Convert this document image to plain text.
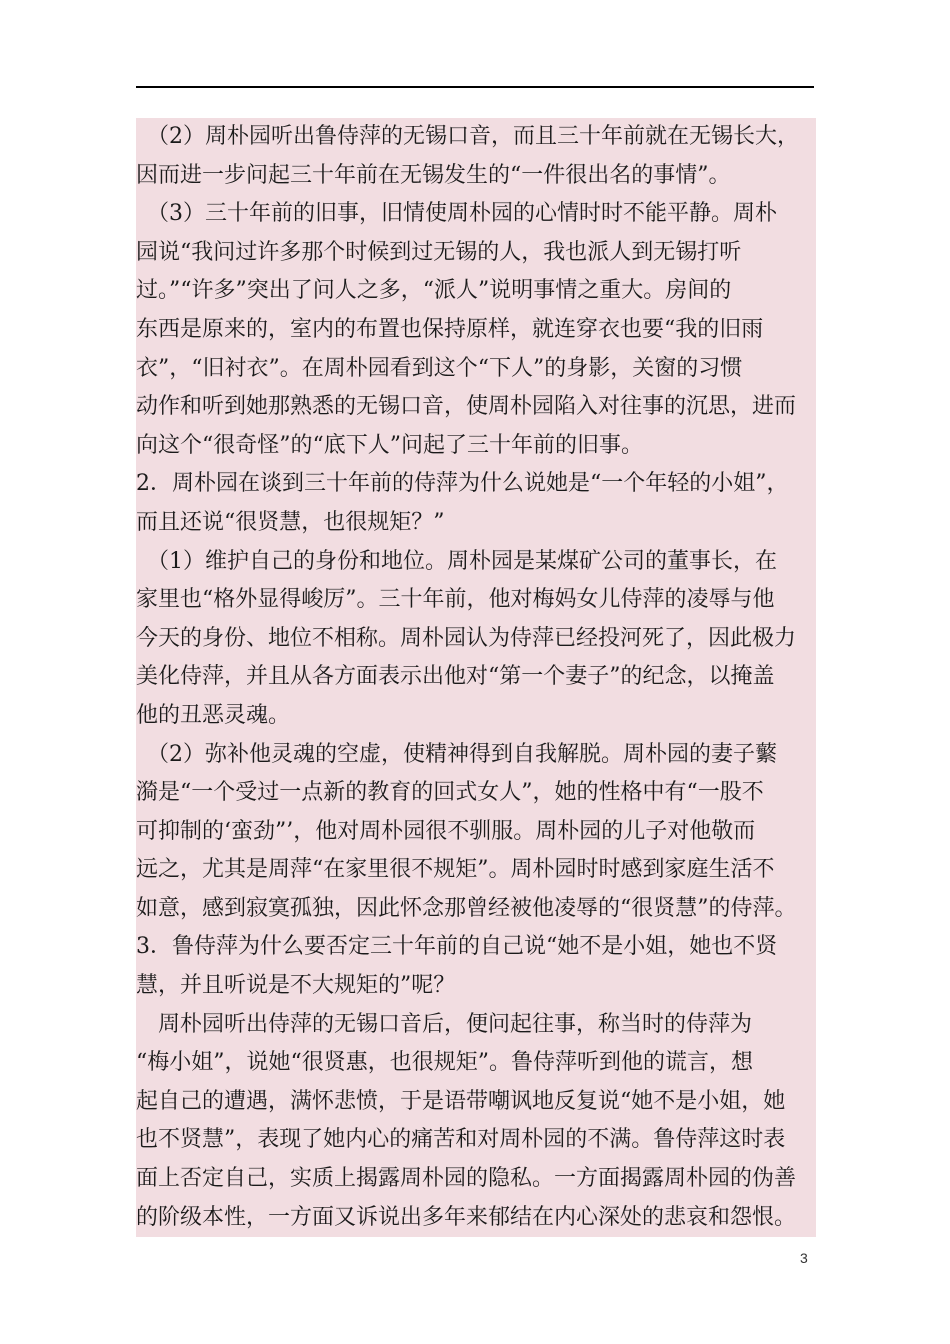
　（2）周朴园听出鲁侍萍的无锡口音，而且三十年前就在无锡长大，
因而进一步问起三十年前在无锡发生的“一件很出名的事情”。
　（3）三十年前的旧事，旧情使周朴园的心情时时不能平静。周朴
园说“我问过许多那个时候到过无锡的人，我也派人到无锡打听
过。”“许多”突出了问人之多，“派人”说明事情之重大。房间的
东西是原来的，室内的布置也保持原样，就连穿衣也要“我的旧雨
衣”，“旧衬衣”。在周朴园看到这个“下人”的身影，关窗的习惯
动作和听到她那熟悉的无锡口音，使周朴园陷入对往事的沉思，进而
向这个“很奇怪”的“底下人”问起了三十年前的旧事。
2．周朴园在谈到三十年前的侍萍为什么说她是“一个年轻的小姐”，
而且还说“很贤慧，也很规矩？”
　（1）维护自己的身份和地位。周朴园是某煤矿公司的董事长，在
家里也“格外显得峻厉”。三十年前，他对梅妈女儿侍萍的凌辱与他
今天的身份、地位不相称。周朴园认为侍萍已经投河死了，因此极力
美化侍萍，并且从各方面表示出他对“第一个妻子”的纪念，以掩盖
他的丑恶灵魂。
　（2）弥补他灵魂的空虚，使精神得到自我解脱。周朴园的妻子蘩
漪是“一个受过一点新的教育的回式女人”，她的性格中有“一股不
可抑制的‘蛮劲”’，他对周朴园很不驯服。周朴园的儿子对他敬而
远之，尤其是周萍“在家里很不规矩”。周朴园时时感到家庭生活不
如意，感到寂寞孤独，因此怀念那曾经被他凌辱的“很贤慧”的侍萍。
3．鲁侍萍为什么要否定三十年前的自己说“她不是小姐，她也不贤
慧，并且听说是不大规矩的”呢？
　周朴园听出侍萍的无锡口音后，便问起往事，称当时的侍萍为
“梅小姐”，说她“很贤惠，也很规矩”。鲁侍萍听到他的谎言，想
起自己的遭遇，满怀悲愤，于是语带嘲讽地反复说“她不是小姐，她
也不贤慧”，表现了她内心的痛苦和对周朴园的不满。鲁侍萍这时表
面上否定自己，实质上揭露周朴园的隐私。一方面揭露周朴园的伪善
的阶级本性，一方面又诉说出多年来郁结在内心深处的悲哀和怨恨。
3
